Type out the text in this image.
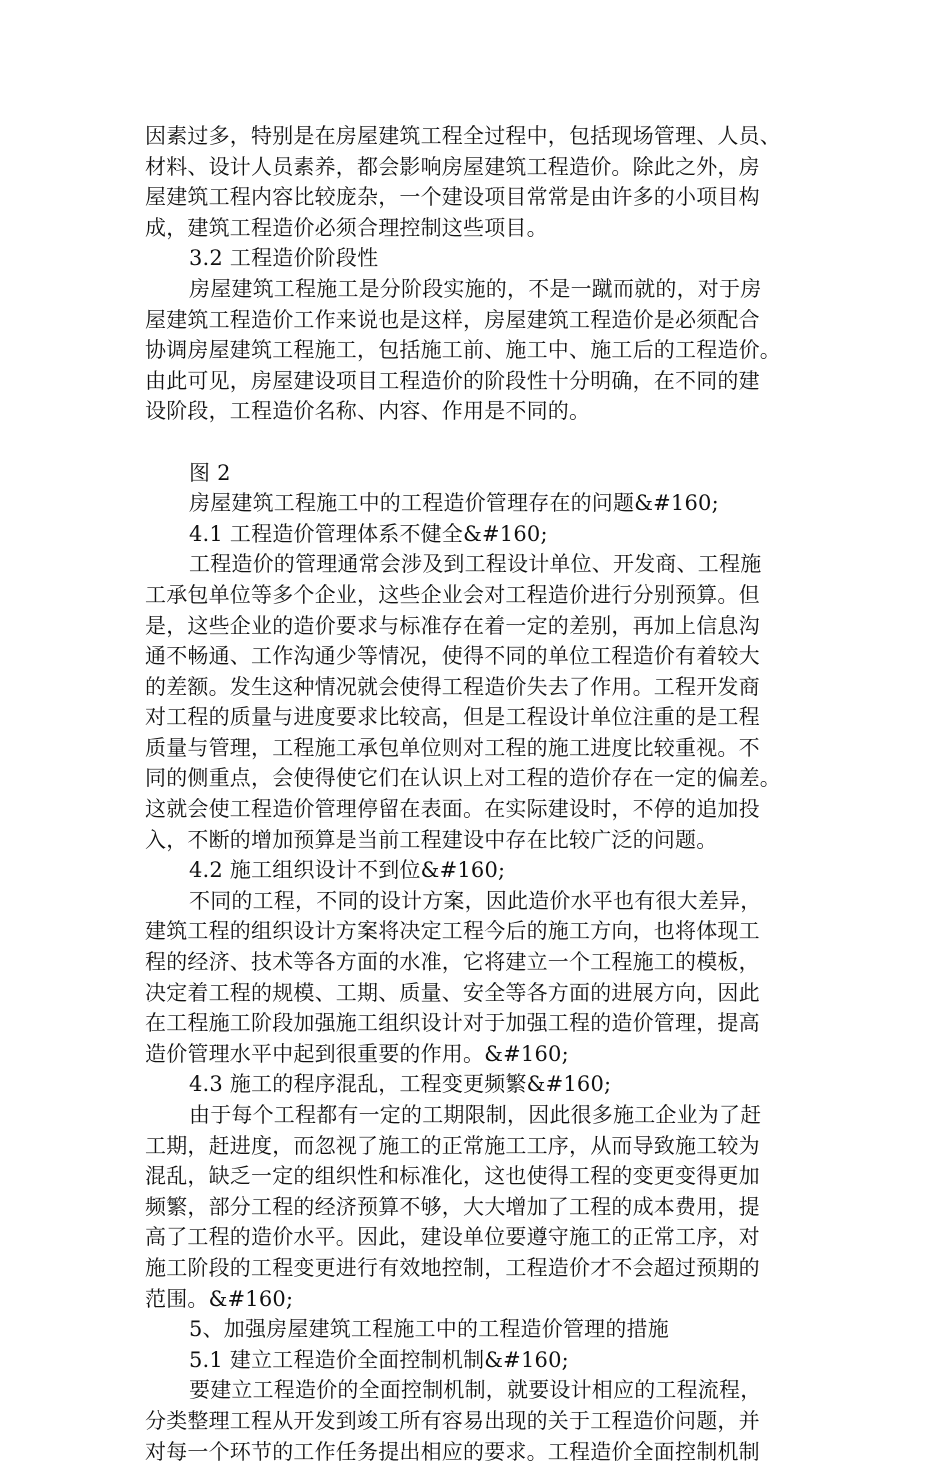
因素过多，特别是在房屋建筑工程全过程中，包括现场管理、人员、
材料、设计人员素养，都会影响房屋建筑工程造价。除此之外，房
屋建筑工程内容比较庞杂，一个建设项目常常是由许多的小项目构
成，建筑工程造价必须合理控制这些项目。
3.2 工程造价阶段性
房屋建筑工程施工是分阶段实施的，不是一蹴而就的，对于房
屋建筑工程造价工作来说也是这样，房屋建筑工程造价是必须配合
协调房屋建筑工程施工，包括施工前、施工中、施工后的工程造价。
由此可见，房屋建设项目工程造价的阶段性十分明确，在不同的建
设阶段，工程造价名称、内容、作用是不同的。
图 2
房屋建筑工程施工中的工程造价管理存在的问题&#160;
4.1 工程造价管理体系不健全&#160;
工程造价的管理通常会涉及到工程设计单位、开发商、工程施
工承包单位等多个企业，这些企业会对工程造价进行分别预算。但
是，这些企业的造价要求与标准存在着一定的差别，再加上信息沟
通不畅通、工作沟通少等情况，使得不同的单位工程造价有着较大
的差额。发生这种情况就会使得工程造价失去了作用。工程开发商
对工程的质量与进度要求比较高，但是工程设计单位注重的是工程
质量与管理，工程施工承包单位则对工程的施工进度比较重视。不
同的侧重点，会使得使它们在认识上对工程的造价存在一定的偏差。
这就会使工程造价管理停留在表面。在实际建设时，不停的追加投
入，不断的增加预算是当前工程建设中存在比较广泛的问题。
4.2 施工组织设计不到位&#160;
不同的工程，不同的设计方案，因此造价水平也有很大差异，
建筑工程的组织设计方案将决定工程今后的施工方向，也将体现工
程的经济、技术等各方面的水准，它将建立一个工程施工的模板，
决定着工程的规模、工期、质量、安全等各方面的进展方向，因此
在工程施工阶段加强施工组织设计对于加强工程的造价管理，提高
造价管理水平中起到很重要的作用。&#160;
4.3 施工的程序混乱，工程变更频繁&#160;
由于每个工程都有一定的工期限制，因此很多施工企业为了赶
工期，赶进度，而忽视了施工的正常施工工序，从而导致施工较为
混乱，缺乏一定的组织性和标准化，这也使得工程的变更变得更加
频繁，部分工程的经济预算不够，大大增加了工程的成本费用，提
高了工程的造价水平。因此，建设单位要遵守施工的正常工序，对
施工阶段的工程变更进行有效地控制，工程造价才不会超过预期的
范围。&#160;
5、加强房屋建筑工程施工中的工程造价管理的措施
5.1 建立工程造价全面控制机制&#160;
要建立工程造价的全面控制机制，就要设计相应的工程流程，
分类整理工程从开发到竣工所有容易出现的关于工程造价问题，并
对每一个环节的工作任务提出相应的要求。工程造价全面控制机制
